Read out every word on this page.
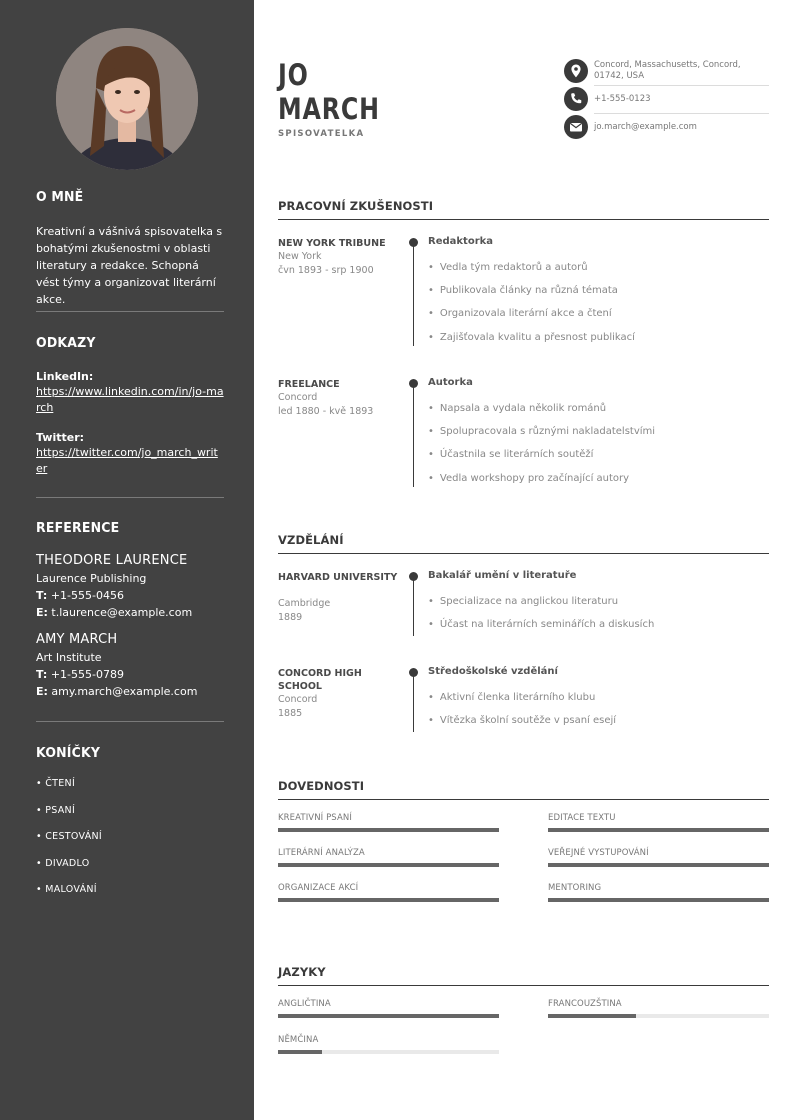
O MNĚ
Kreativní a vášnivá spisovatelka s bohatými zkušenostmi v oblasti literatury a redakce. Schopná vést týmy a organizovat literární akce.
ODKAZY
LinkedIn:
https://www.linkedin.com/in/jo-march
Twitter:
https://twitter.com/jo_march_writer
REFERENCE
THEODORE LAURENCE
Laurence Publishing
T: +1-555-0456
E: t.laurence@example.com
AMY MARCH
Art Institute
T: +1-555-0789
E: amy.march@example.com
KONÍČKY
• ČTENÍ
• PSANÍ
• CESTOVÁNÍ
• DIVADLO
• MALOVÁNÍ
JO
MARCH
SPISOVATELKA
Concord, Massachusetts, Concord, 01742, USA
+1-555-0123
jo.march@example.com
PRACOVNÍ ZKUŠENOSTI
NEW YORK TRIBUNE
New York
čvn 1893 - srp 1900
Redaktorka
• Vedla tým redaktorů a autorů
• Publikovala články na různá témata
• Organizovala literární akce a čtení
• Zajišťovala kvalitu a přesnost publikací
FREELANCE
Concord
led 1880 - kvě 1893
Autorka
• Napsala a vydala několik románů
• Spolupracovala s různými nakladatelstvími
• Účastnila se literárních soutěží
• Vedla workshopy pro začínající autory
VZDĚLÁNÍ
HARVARD UNIVERSITY
Cambridge
1889
Bakalář umění v literatuře
• Specializace na anglickou literaturu
• Účast na literárních seminářích a diskusích
CONCORD HIGH SCHOOL
Concord
1885
Středoškolské vzdělání
• Aktivní členka literárního klubu
• Vítězka školní soutěže v psaní esejí
DOVEDNOSTI
KREATIVNÍ PSANÍ	EDITACE TEXTU
LITERÁRNÍ ANALÝZA	VEŘEJNÉ VYSTUPOVÁNÍ
ORGANIZACE AKCÍ	MENTORING
JAZYKY
ANGLIČTINA	FRANCOUZŠTINA
NĚMČINA
